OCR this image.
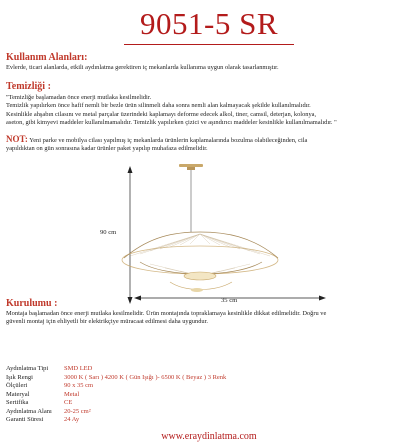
9051-5 SR
Kullanım Alanları:
Evlerde, ticari alanlarda, etkili aydınlatma gerektiren iç mekanlarda kullanıma uygun olarak tasarlanmıştır.
Temizliği :
"Temizliğe başlamadan önce enerji mutlaka kesilmelidir.
Temizlik yapılırken önce hafif nemli bir bezle ürün silinmeli daha sonra nemli alan kalmayacak şekilde kullanılmalıdır.
Kesinlikle ahşabın cilasını ve metal parçalar üzerindeki kaplamayı deforme edecek alkol, tiner, camsil, deterjan, kolonya,
aseton, gibi kimyevi maddeler kullanılmamalıdır. Temizlik yapılırken çizici ve aşındırıcı maddeler kesinlikle kullanılmamalıdır. "
NOT: Yeni parke ve mobilya cilası yapılmış iç mekanlarda ürünlerin kaplamalarında bozulma olabileceğinden, cila
yapıldıktan on gün sonrasına kadar ürünler paket yapılıp muhafaza edilmelidir.
90 cm
35 cm
Kurulumu :
Montaja başlamadan önce enerji mutlaka kesilmelidir. Ürün montajında topraklamaya kesinlikle dikkat edilmelidir. Doğru ve
güvenli montaj için ehliyetli bir elektrikçiye müracaat edilmesi daha uygundur.
Aydınlatma Tipi	SMD LED
Işık Rengi	3000 K ( Sarı ) 4200 K ( Gün Işığı )- 6500 K ( Beyaz ) 3 Renk
Ölçüleri	90 x 35 cm
Materyal	Metal
Sertifika	CE
Aydınlatma Alanı	20-25 cm²
Garanti Süresi	24 Ay
www.eraydinlatma.com
